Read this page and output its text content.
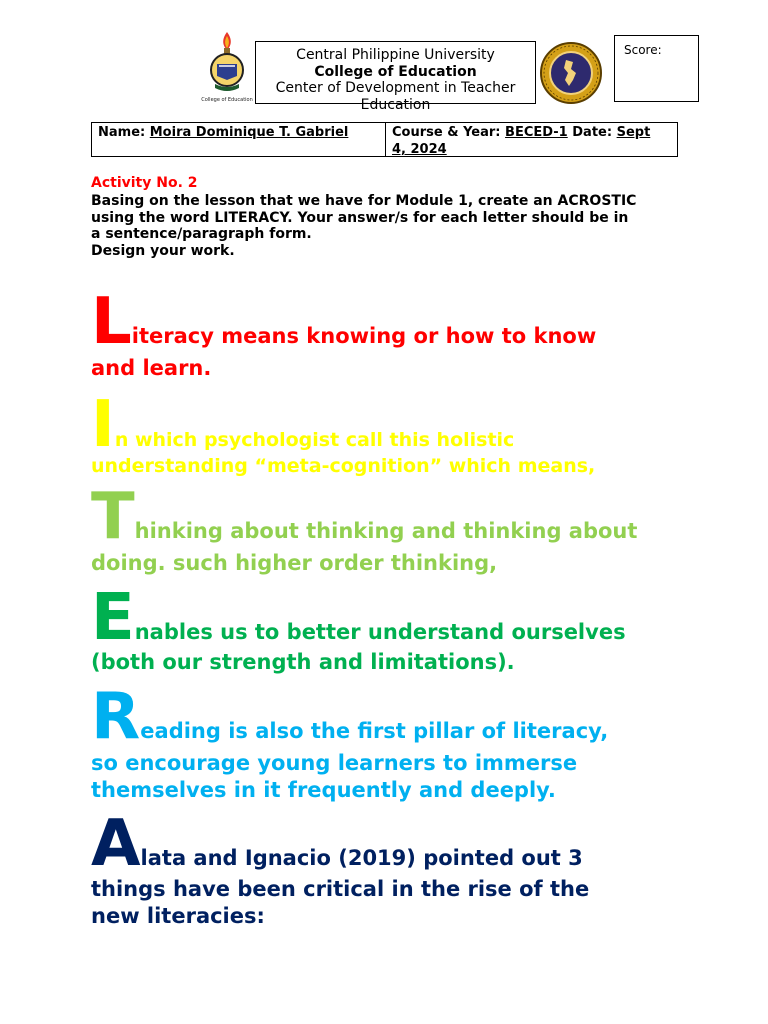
College of Education
Central Philippine University
College of Education
Center of Development in Teacher Education
Score:
Name: Moira Dominique T. Gabriel	Course & Year: BECED-1 Date: Sept
4, 2024
Activity No. 2
Basing on the lesson that we have for Module 1, create an ACROSTIC
using the word LITERACY. Your answer/s for each letter should be in
a sentence/paragraph form.
Design your work.
Literacy means knowing or how to know
and learn.
In which psychologist call this holistic
understanding “meta-cognition” which means,
Thinking about thinking and thinking about
doing. such higher order thinking,
Enables us to better understand ourselves
(both our strength and limitations).
Reading is also the first pillar of literacy,
so encourage young learners to immerse
themselves in it frequently and deeply.
Alata and Ignacio (2019) pointed out 3
things have been critical in the rise of the
new literacies:
